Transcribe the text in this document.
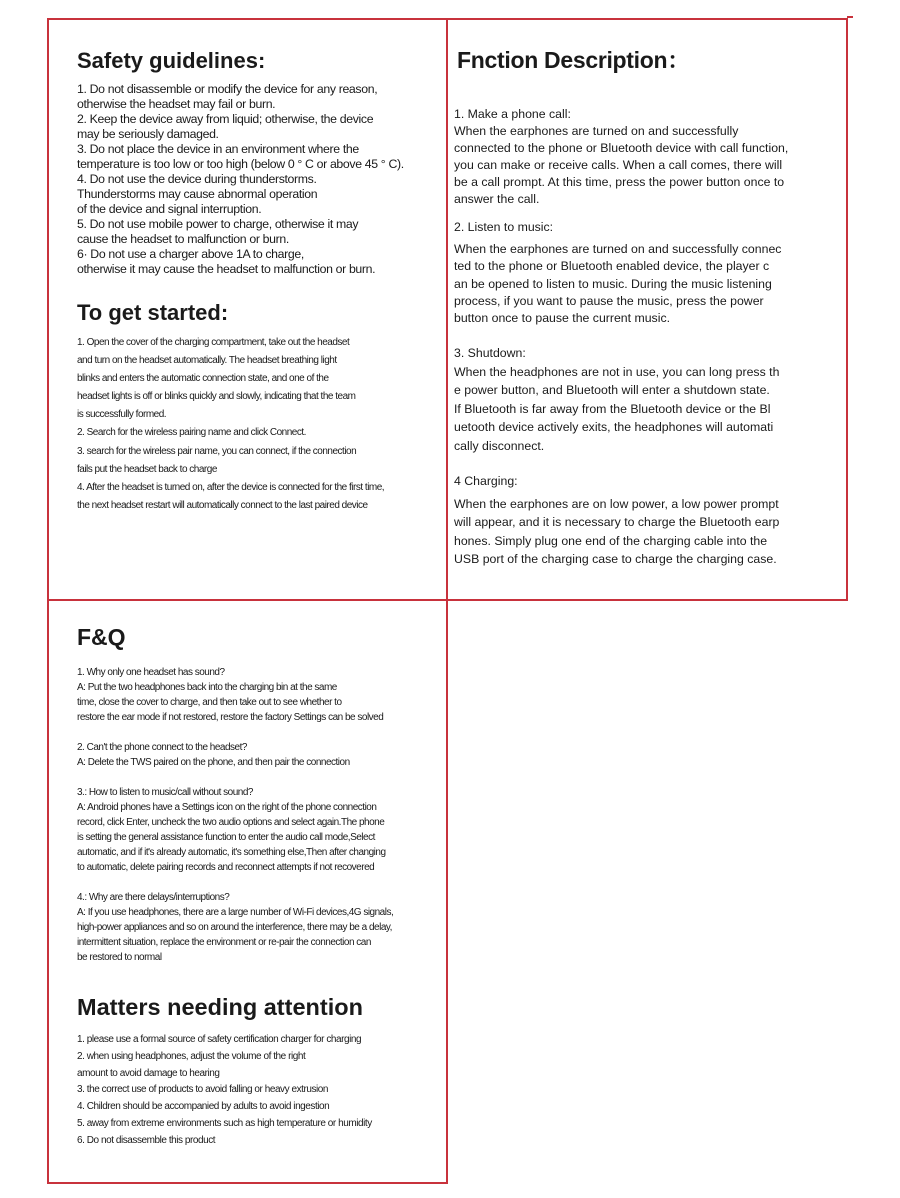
Safety guidelines:
1. Do not disassemble or modify the device for any reason,
otherwise the headset may fail or burn.
2. Keep the device away from liquid; otherwise, the device
may be seriously damaged.
3. Do not place the device in an environment where the
temperature is too low or too high (below 0 ° C or above 45 ° C).
4. Do not use the device during thunderstorms.
Thunderstorms may cause abnormal operation
of the device and signal interruption.
5. Do not use mobile power to charge, otherwise it may
cause the headset to malfunction or burn.
6· Do not use a charger above 1A to charge,
otherwise it may cause the headset to malfunction or burn.
To get started:
1. Open the cover of the charging compartment, take out the headset
and turn on the headset automatically. The headset breathing light
blinks and enters the automatic connection state, and one of the
headset lights is off or blinks quickly and slowly, indicating that the team
is successfully formed.
2. Search for the wireless pairing name and click Connect.
3. search for the wireless pair name, you can connect, if the connection
fails put the headset back to charge
4. After the headset is turned on, after the device is connected for the first time,
the next headset restart will automatically connect to the last paired device
Fnction Description：
1. Make a phone call:
When the earphones are turned on and successfully
connected to the phone or Bluetooth device with call function,
you can make or receive calls. When a call comes, there will
be a call prompt. At this time, press the power button once to
answer the call.
2. Listen to music:
When the earphones are turned on and successfully connec
ted to the phone or Bluetooth enabled device, the player c
an be opened to listen to music. During the music listening
process, if you want to pause the music, press the power
button once to pause the current music.
3. Shutdown:
When the headphones are not in use, you can long press th
e power button, and Bluetooth will enter a shutdown state.
If Bluetooth is far away from the Bluetooth device or the Bl
uetooth device actively exits, the headphones will automati
cally disconnect.
4 Charging:
When the earphones are on low power, a low power prompt
will appear, and it is necessary to charge the Bluetooth earp
hones. Simply plug one end of the charging cable into the
USB port of the charging case to charge the charging case.
F&Q
1. Why only one headset has sound?
A: Put the two headphones back into the charging bin at the same
time, close the cover to charge, and then take out to see whether to
restore the ear mode if not restored, restore the factory Settings can be solved
2. Can't the phone connect to the headset?
A: Delete the TWS paired on the phone, and then pair the connection
3.: How to listen to music/call without sound?
A: Android phones have a Settings icon on the right of the phone connection
record, click Enter, uncheck the two audio options and select again.The phone
is setting the general assistance function to enter the audio call mode,Select
automatic, and if it's already automatic, it's something else,Then after changing
to automatic, delete pairing records and reconnect attempts if not recovered
4.: Why are there delays/interruptions?
A: If you use headphones, there are a large number of Wi-Fi devices,4G signals,
high-power appliances and so on around the interference, there may be a delay,
intermittent situation, replace the environment or re-pair the connection can
be restored to normal
Matters needing attention
1. please use a formal source of safety certification charger for charging
2. when using headphones, adjust the volume of the right
amount to avoid damage to hearing
3. the correct use of products to avoid falling or heavy extrusion
4. Children should be accompanied by adults to avoid ingestion
5. away from extreme environments such as high temperature or humidity
6. Do not disassemble this product
